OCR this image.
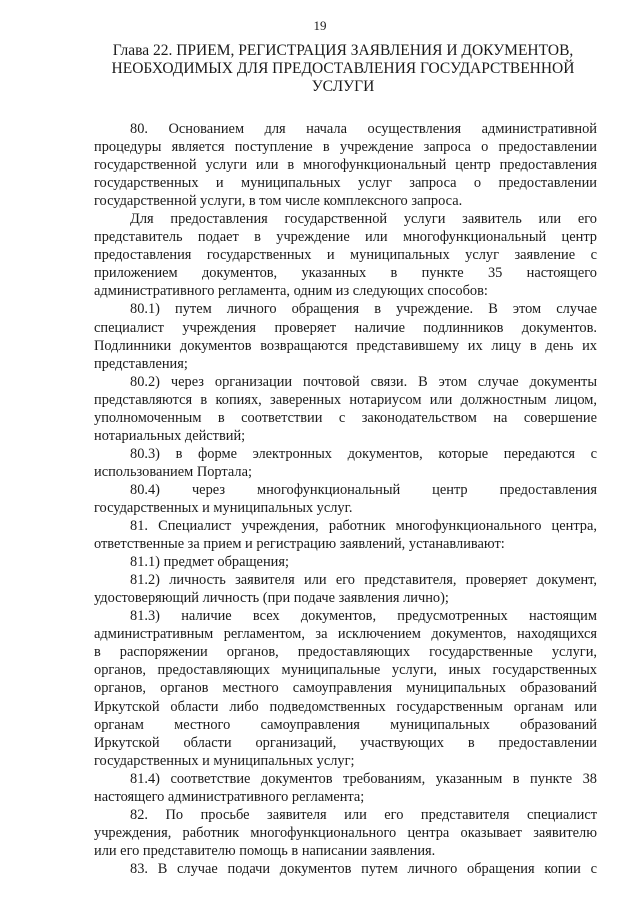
19
Глава 22. ПРИЕМ, РЕГИСТРАЦИЯ ЗАЯВЛЕНИЯ И ДОКУМЕНТОВ,
НЕОБХОДИМЫХ ДЛЯ ПРЕДОСТАВЛЕНИЯ ГОСУДАРСТВЕННОЙ
УСЛУГИ
80. Основанием для начала осуществления административной
процедуры является поступление в учреждение запроса о предоставлении
государственной услуги или в многофункциональный центр предоставления
государственных и муниципальных услуг запроса о предоставлении
государственной услуги, в том числе комплексного запроса.
Для предоставления государственной услуги заявитель или его
представитель подает в учреждение или многофункциональный центр
предоставления государственных и муниципальных услуг заявление с
приложением документов, указанных в пункте 35 настоящего
административного регламента, одним из следующих способов:
80.1) путем личного обращения в учреждение. В этом случае
специалист учреждения проверяет наличие подлинников документов.
Подлинники документов возвращаются представившему их лицу в день их
представления;
80.2) через организации почтовой связи. В этом случае документы
представляются в копиях, заверенных нотариусом или должностным лицом,
уполномоченным в соответствии с законодательством на совершение
нотариальных действий;
80.3) в форме электронных документов, которые передаются с
использованием Портала;
80.4) через многофункциональный центр предоставления
государственных и муниципальных услуг.
81. Специалист учреждения, работник многофункционального центра,
ответственные за прием и регистрацию заявлений, устанавливают:
81.1) предмет обращения;
81.2) личность заявителя или его представителя, проверяет документ,
удостоверяющий личность (при подаче заявления лично);
81.3) наличие всех документов, предусмотренных настоящим
административным регламентом, за исключением документов, находящихся
в распоряжении органов, предоставляющих государственные услуги,
органов, предоставляющих муниципальные услуги, иных государственных
органов, органов местного самоуправления муниципальных образований
Иркутской области либо подведомственных государственным органам или
органам местного самоуправления муниципальных образований
Иркутской области организаций, участвующих в предоставлении
государственных и муниципальных услуг;
81.4) соответствие документов требованиям, указанным в пункте 38
настоящего административного регламента;
82. По просьбе заявителя или его представителя специалист
учреждения, работник многофункционального центра оказывает заявителю
или его представителю помощь в написании заявления.
83. В случае подачи документов путем личного обращения копии с
